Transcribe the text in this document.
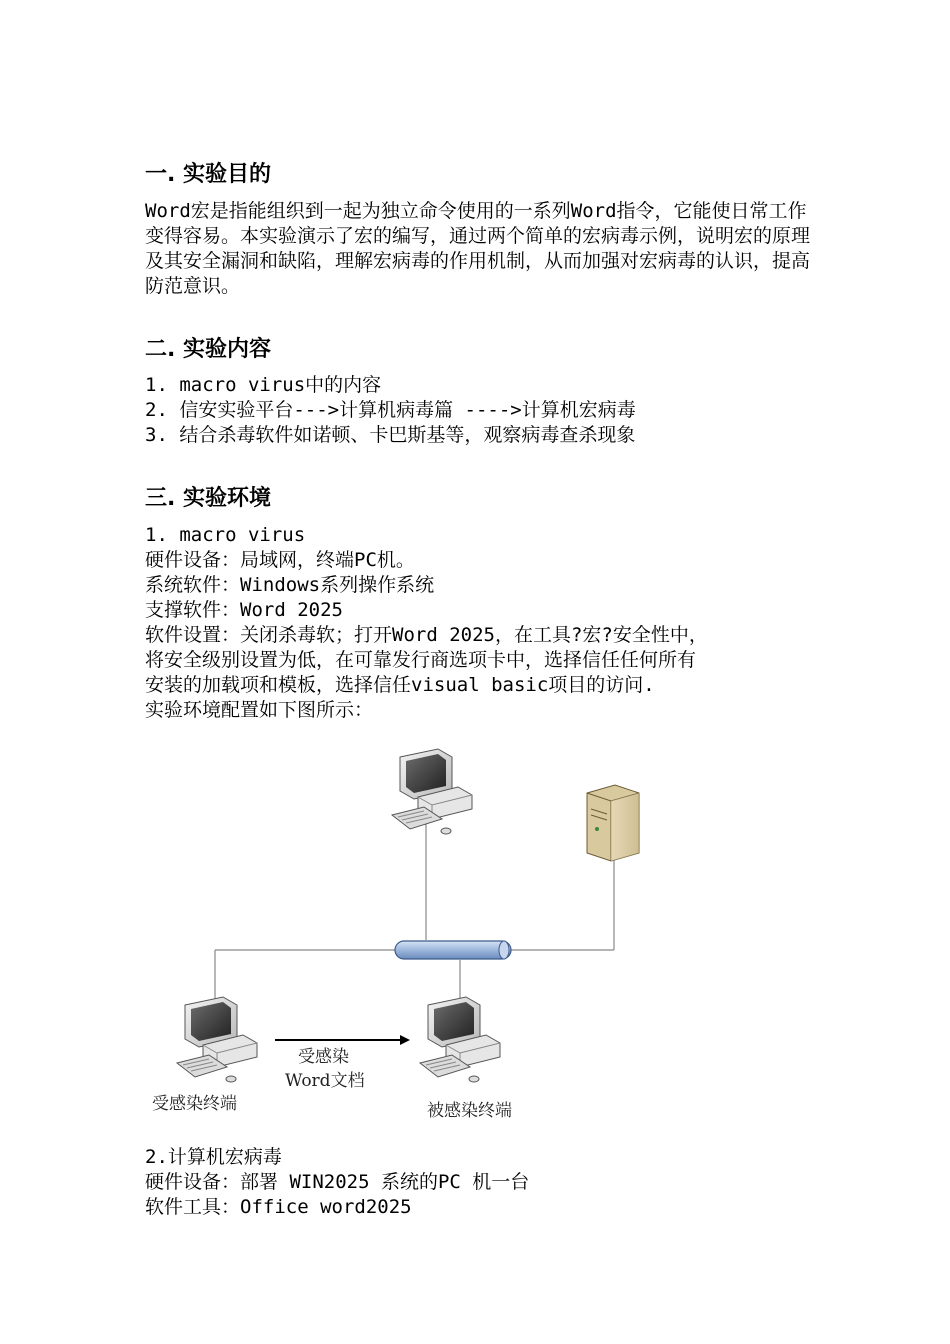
一. 实验目的
Word宏是指能组织到一起为独立命令使用的一系列Word指令，它能使日常工作变得容易。本实验演示了宏的编写，通过两个简单的宏病毒示例，说明宏的原理及其安全漏洞和缺陷，理解宏病毒的作用机制，从而加强对宏病毒的认识，提高防范意识。
二. 实验内容
1. macro virus中的内容
2. 信安实验平台--->计算机病毒篇 ---->计算机宏病毒
3. 结合杀毒软件如诺顿、卡巴斯基等，观察病毒查杀现象
三. 实验环境
1. macro virus
硬件设备：局域网，终端PC机。
系统软件：Windows系列操作系统
支撑软件：Word 2025
软件设置：关闭杀毒软；打开Word 2025，在工具?宏?安全性中，
将安全级别设置为低，在可靠发行商选项卡中，选择信任任何所有
安装的加载项和模板，选择信任visual basic项目的访问.
实验环境配置如下图所示：
受感染终端
受感染
Word文档
被感染终端
2.计算机宏病毒
硬件设备：部署 WIN2025 系统的PC 机一台
软件工具：Office word2025
